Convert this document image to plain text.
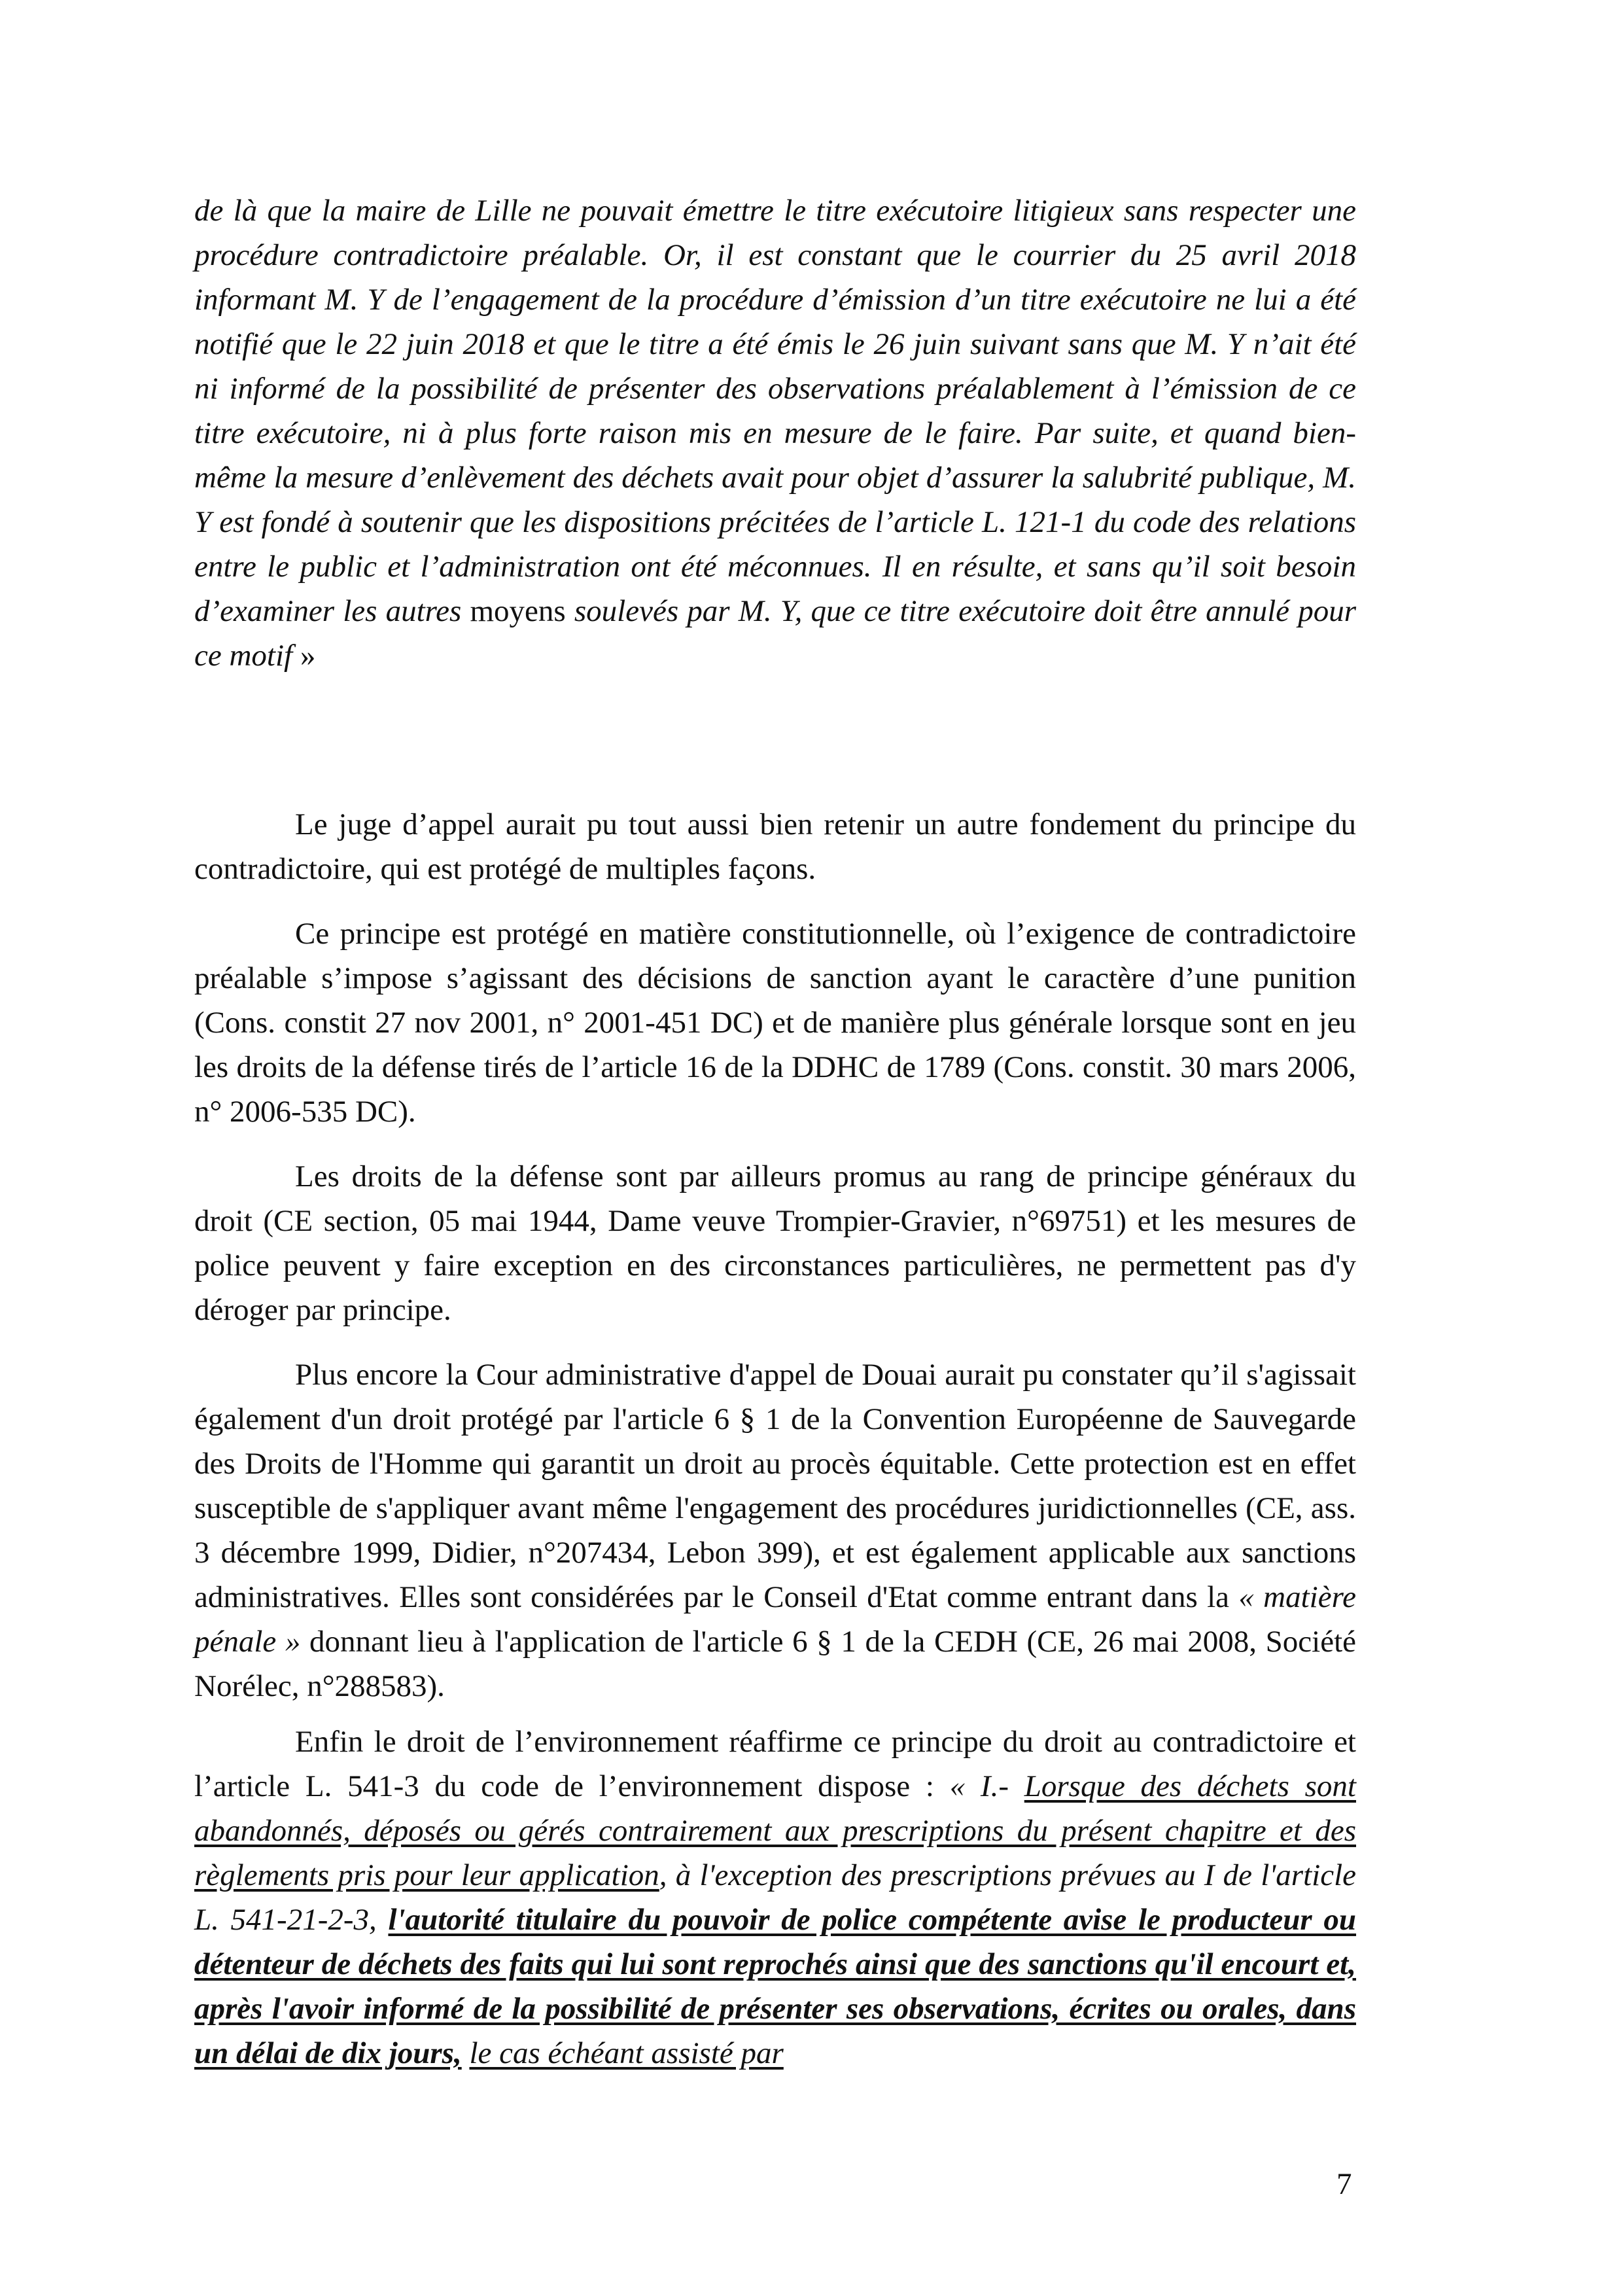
de là que la maire de Lille ne pouvait émettre le titre exécutoire litigieux sans respecter une procédure contradictoire préalable. Or, il est constant que le courrier du 25 avril 2018 informant M. Y de l’engagement de la procédure d’émission d’un titre exécutoire ne lui a été notifié que le 22 juin 2018 et que le titre a été émis le 26 juin suivant sans que M. Y n’ait été ni informé de la possibilité de présenter des observations préalablement à l’émission de ce titre exécutoire, ni à plus forte raison mis en mesure de le faire. Par suite, et quand bien-même la mesure d’enlèvement des déchets avait pour objet d’assurer la salubrité publique, M. Y est fondé à soutenir que les dispositions précitées de l’article L. 121-1 du code des relations entre le public et l’administration ont été méconnues. Il en résulte, et sans qu’il soit besoin d’examiner les autres moyens soulevés par M. Y, que ce titre exécutoire doit être annulé pour ce motif »

Le juge d’appel aurait pu tout aussi bien retenir un autre fondement du principe du contradictoire, qui est protégé de multiples façons.

Ce principe est protégé en matière constitutionnelle, où l’exigence de contradictoire préalable s’impose s’agissant des décisions de sanction ayant le caractère d’une punition (Cons. constit 27 nov 2001, n° 2001-451 DC) et de manière plus générale lorsque sont en jeu les droits de la défense tirés de l’article 16 de la DDHC de 1789 (Cons. constit. 30 mars 2006, n° 2006-535 DC).

Les droits de la défense sont par ailleurs promus au rang de principe généraux du droit (CE section, 05 mai 1944, Dame veuve Trompier-Gravier, n°69751) et les mesures de police peuvent y faire exception en des circonstances particulières, ne permettent pas d'y déroger par principe.

Plus encore la Cour administrative d'appel de Douai aurait pu constater qu’il s'agissait également d'un droit protégé par l'article 6 § 1 de la Convention Européenne de Sauvegarde des Droits de l'Homme qui garantit un droit au procès équitable. Cette protection est en effet susceptible de s'appliquer avant même l'engagement des procédures juridictionnelles (CE, ass. 3 décembre 1999, Didier, n°207434, Lebon 399), et est également applicable aux sanctions administratives. Elles sont considérées par le Conseil d'Etat comme entrant dans la « matière pénale » donnant lieu à l'application de l'article 6 § 1 de la CEDH (CE, 26 mai 2008, Société Norélec, n°288583).

Enfin le droit de l’environnement réaffirme ce principe du droit au contradictoire et l’article L. 541-3 du code de l’environnement dispose : « I.- Lorsque des déchets sont abandonnés, déposés ou gérés contrairement aux prescriptions du présent chapitre et des règlements pris pour leur application, à l'exception des prescriptions prévues au I de l'article L. 541-21-2-3, l'autorité titulaire du pouvoir de police compétente avise le producteur ou détenteur de déchets des faits qui lui sont reprochés ainsi que des sanctions qu'il encourt et, après l'avoir informé de la possibilité de présenter ses observations, écrites ou orales, dans un délai de dix jours, le cas échéant assisté par

7
